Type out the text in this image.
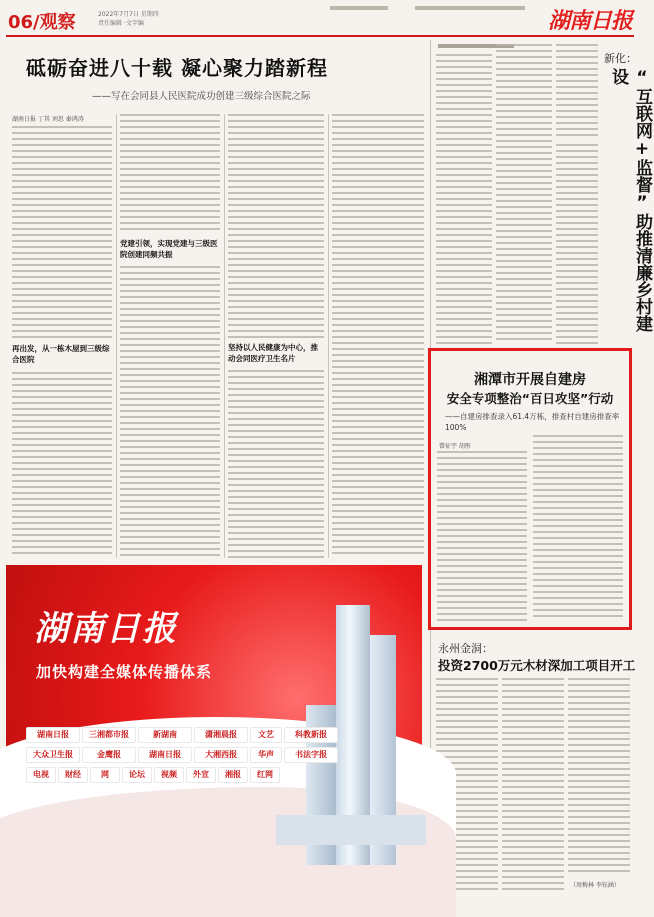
06/观察	2022年7月7日 星期四
责任编辑 ·文字编	湖南日报
砥砺奋进八十载 凝心聚力踏新程
——写在会同县人民医院成功创建三级综合医院之际
湖南日报 丁其 刘思 秦鸿涛
再出发，从一栋木屋到三级综合医院
党建引领，实现党建与三级医院创建同频共振
坚持以人民健康为中心，推动会同医疗卫生名片
新化：
“互联网+监督”助推清廉乡村建设
湘潭市开展自建房
安全专项整治“百日攻坚”行动
——自建房排查录入61.4万栋，排查村自建房排查率100%
曾征宇 胡彤
永州金洞：
投资2700万元木材深加工项目开工
（周梅林 李钰涵）
湖南日报
加快构建全媒体传播体系
湖南日报	三湘都市报	新湖南	潇湘晨报	文艺	科教新报
大众卫生报	金鹰报	湖南日报	大湘西报	华声	书法字报
电视	财经	网	论坛	视频	外宣	湘报	红网
